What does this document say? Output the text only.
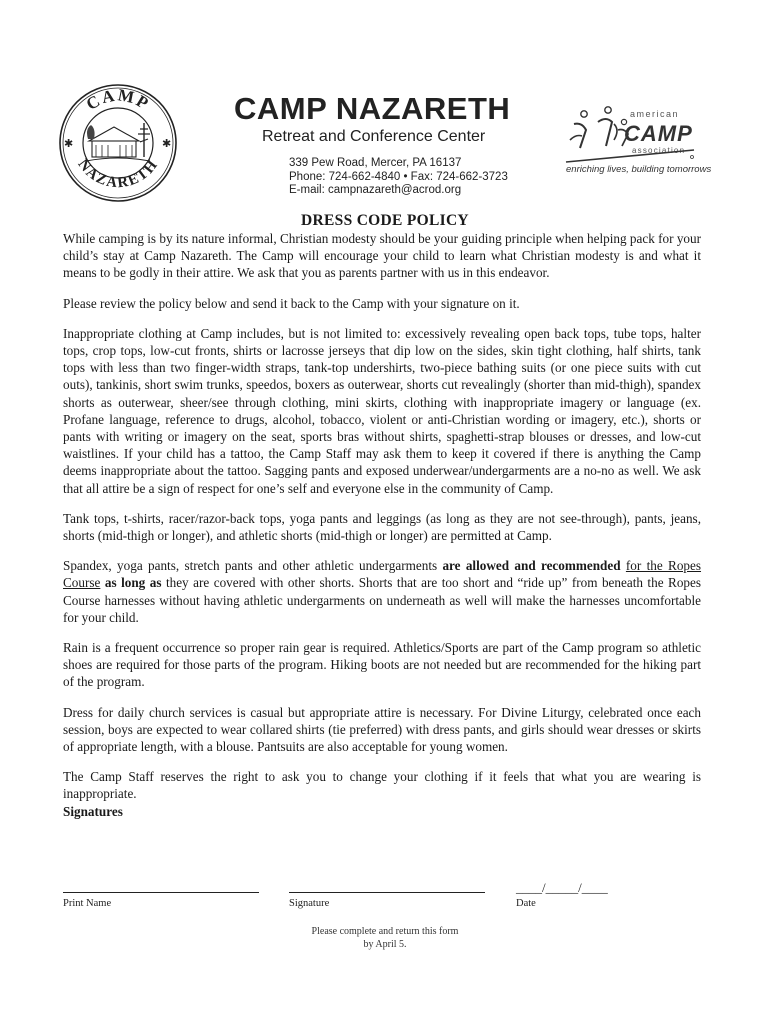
CAMP
NAZARETH
✱	✱
CAMP NAZARETH
Retreat and Conference Center
339 Pew Road, Mercer, PA 16137
Phone: 724-662-4840 • Fax: 724-662-3723
E-mail: campnazareth@acrod.org
american
CAMP
association
enriching lives, building tomorrows
DRESS CODE POLICY

While camping is by its nature informal, Christian modesty should be your guiding principle when helping pack for your child’s stay at Camp Nazareth. The Camp will encourage your child to learn what Christian modesty is and what it means to be godly in their attire. We ask that you as parents partner with us in this endeavor.

Please review the policy below and send it back to the Camp with your signature on it.

Inappropriate clothing at Camp includes, but is not limited to: excessively revealing open back tops, tube tops, halter tops, crop tops, low-cut fronts, shirts or lacrosse jerseys that dip low on the sides, skin tight clothing, half shirts, tank tops with less than two finger-width straps, tank-top undershirts, two-piece bathing suits (or one piece suits with cut outs), tankinis, short swim trunks, speedos, boxers as outerwear, shorts cut revealingly (shorter than mid-thigh), spandex shorts as outerwear, sheer/see through clothing, mini skirts, clothing with inappropriate imagery or language (ex. Profane language, reference to drugs, alcohol, tobacco, violent or anti-Christian wording or imagery, etc.), shorts or pants with writing or imagery on the seat, sports bras without shirts, spaghetti-strap blouses or dresses, and low-cut waistlines. If your child has a tattoo, the Camp Staff may ask them to keep it covered if there is anything the Camp deems inappropriate about the tattoo. Sagging pants and exposed underwear/undergarments are a no-no as well. We ask that all attire be a sign of respect for one’s self and everyone else in the community of Camp.

Tank tops, t-shirts, racer/razor-back tops, yoga pants and leggings (as long as they are not see-through), pants, jeans, shorts (mid-thigh or longer), and athletic shorts (mid-thigh or longer) are permitted at Camp.

Spandex, yoga pants, stretch pants and other athletic undergarments are allowed and recommended for the Ropes Course as long as they are covered with other shorts. Shorts that are too short and “ride up” from beneath the Ropes Course harnesses without having athletic undergarments on underneath as well will make the harnesses uncomfortable for your child.

Rain is a frequent occurrence so proper rain gear is required. Athletics/Sports are part of the Camp program so athletic shoes are required for those parts of the program. Hiking boots are not needed but are recommended for the hiking part of the program.

Dress for daily church services is casual but appropriate attire is necessary. For Divine Liturgy, celebrated once each session, boys are expected to wear collared shirts (tie preferred) with dress pants, and girls should wear dresses or skirts of appropriate length, with a blouse. Pantsuits are also acceptable for young women.

The Camp Staff reserves the right to ask you to change your clothing if it feels that what you are wearing is inappropriate.

Signatures
Print Name	Signature
____/_____/____
Date
Please complete and return this form
by April 5.
